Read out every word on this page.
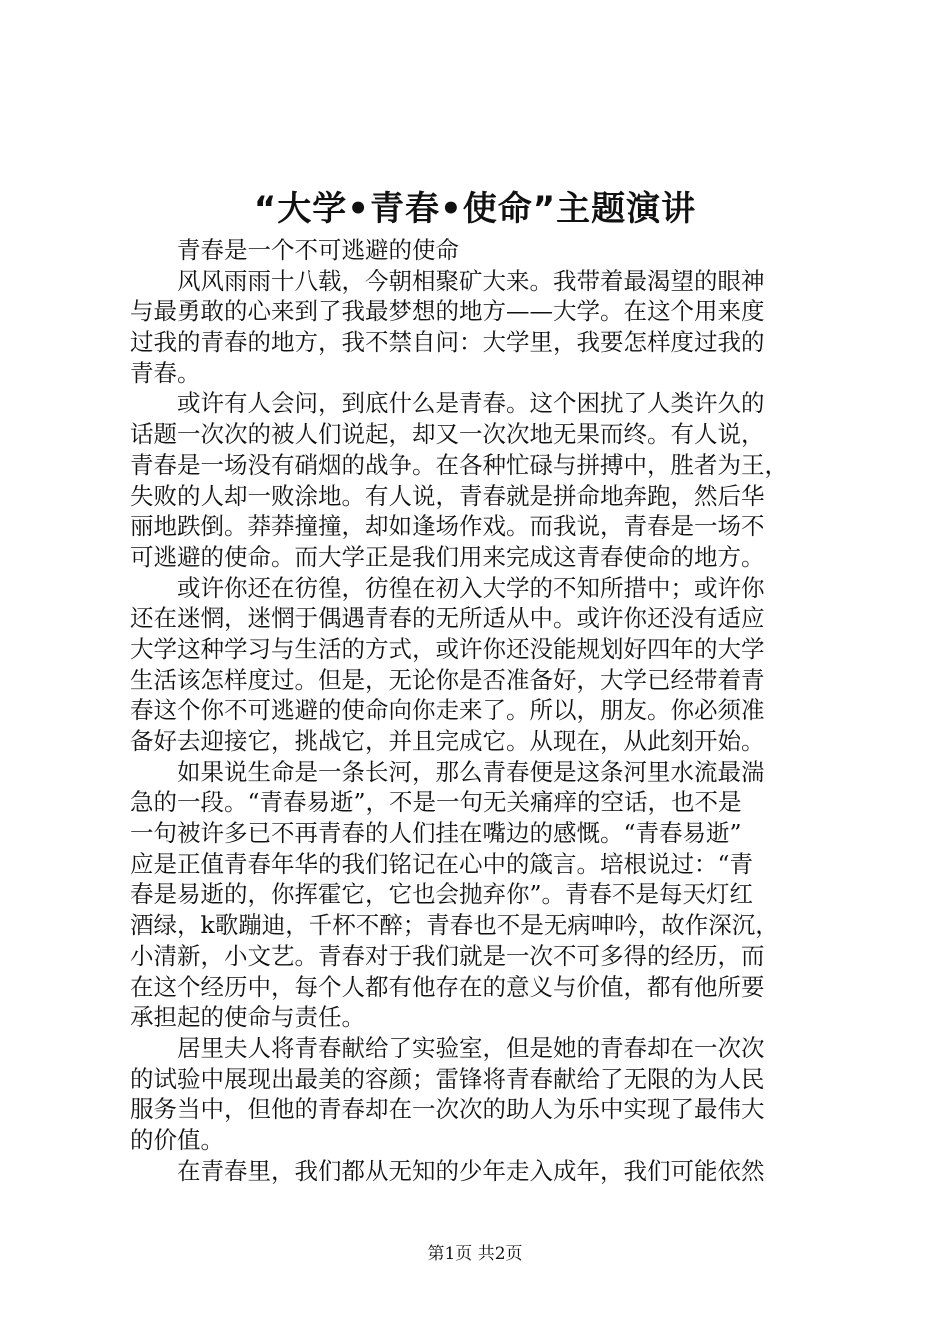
“大学•青春•使命”主题演讲
　　青春是一个不可逃避的使命
　　风风雨雨十八载，今朝相聚矿大来。我带着最渴望的眼神
与最勇敢的心来到了我最梦想的地方——大学。在这个用来度
过我的青春的地方，我不禁自问：大学里，我要怎样度过我的
青春。
　　或许有人会问，到底什么是青春。这个困扰了人类许久的
话题一次次的被人们说起，却又一次次地无果而终。有人说，
青春是一场没有硝烟的战争。在各种忙碌与拼搏中，胜者为王，
失败的人却一败涂地。有人说，青春就是拼命地奔跑，然后华
丽地跌倒。莽莽撞撞，却如逢场作戏。而我说，青春是一场不
可逃避的使命。而大学正是我们用来完成这青春使命的地方。
　　或许你还在彷徨，彷徨在初入大学的不知所措中；或许你
还在迷惘，迷惘于偶遇青春的无所适从中。或许你还没有适应
大学这种学习与生活的方式，或许你还没能规划好四年的大学
生活该怎样度过。但是，无论你是否准备好，大学已经带着青
春这个你不可逃避的使命向你走来了。所以，朋友。你必须准
备好去迎接它，挑战它，并且完成它。从现在，从此刻开始。
　　如果说生命是一条长河，那么青春便是这条河里水流最湍
急的一段。“青春易逝”，不是一句无关痛痒的空话，也不是
一句被许多已不再青春的人们挂在嘴边的感慨。“青春易逝”
应是正值青春年华的我们铭记在心中的箴言。培根说过：“青
春是易逝的，你挥霍它，它也会抛弃你”。青春不是每天灯红
酒绿，k歌蹦迪，千杯不醉；青春也不是无病呻吟，故作深沉，
小清新，小文艺。青春对于我们就是一次不可多得的经历，而
在这个经历中，每个人都有他存在的意义与价值，都有他所要
承担起的使命与责任。
　　居里夫人将青春献给了实验室，但是她的青春却在一次次
的试验中展现出最美的容颜；雷锋将青春献给了无限的为人民
服务当中，但他的青春却在一次次的助人为乐中实现了最伟大
的价值。
　　在青春里，我们都从无知的少年走入成年，我们可能依然
第1页 共2页
